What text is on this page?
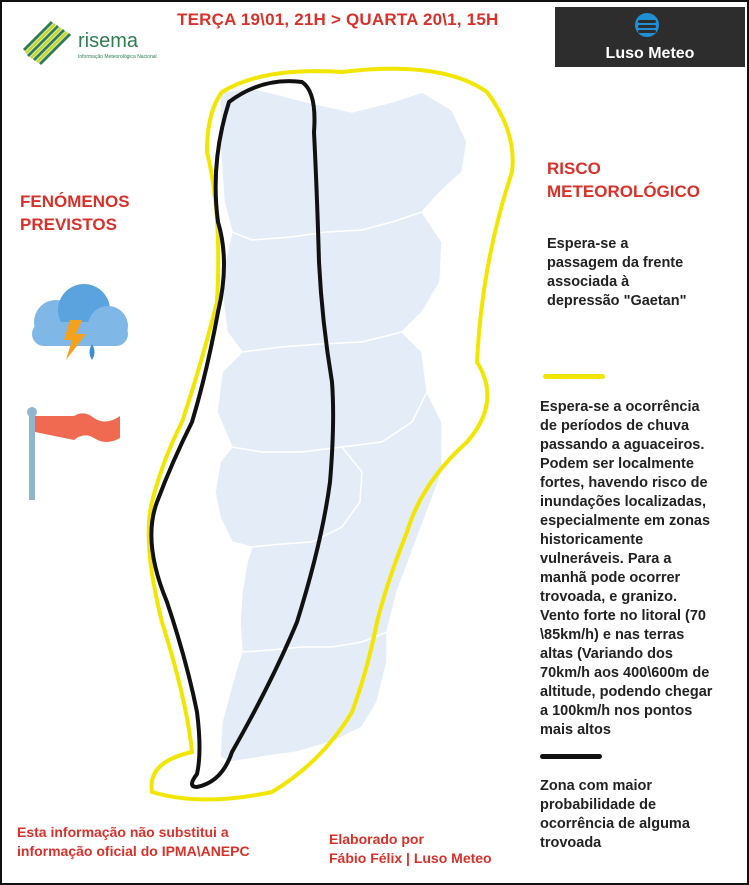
TERÇA 19\01, 21H > QUARTA 20\1, 15H
risema
Informação Meteorológica Nacional	Luso Meteo
FENÓMENOS
PREVISTOS
RISCO
METEOROLÓGICO
Espera-se a
passagem da frente
associada à
depressão "Gaetan"
Espera-se a ocorrência
de períodos de chuva
passando a aguaceiros.
Podem ser localmente
fortes, havendo risco de
inundações localizadas,
especialmente em zonas
historicamente
vulneráveis. Para a
manhã pode ocorrer
trovoada, e granizo.
Vento forte no litoral (70
\85km/h) e nas terras
altas (Variando dos
70km/h aos 400\600m de
altitude, podendo chegar
a 100km/h nos pontos
mais altos
Zona com maior
probabilidade de
ocorrência de alguma
trovoada
Esta informação não substitui a
informação oficial do IPMA\ANEPC
Elaborado por
Fábio Félix | Luso Meteo
